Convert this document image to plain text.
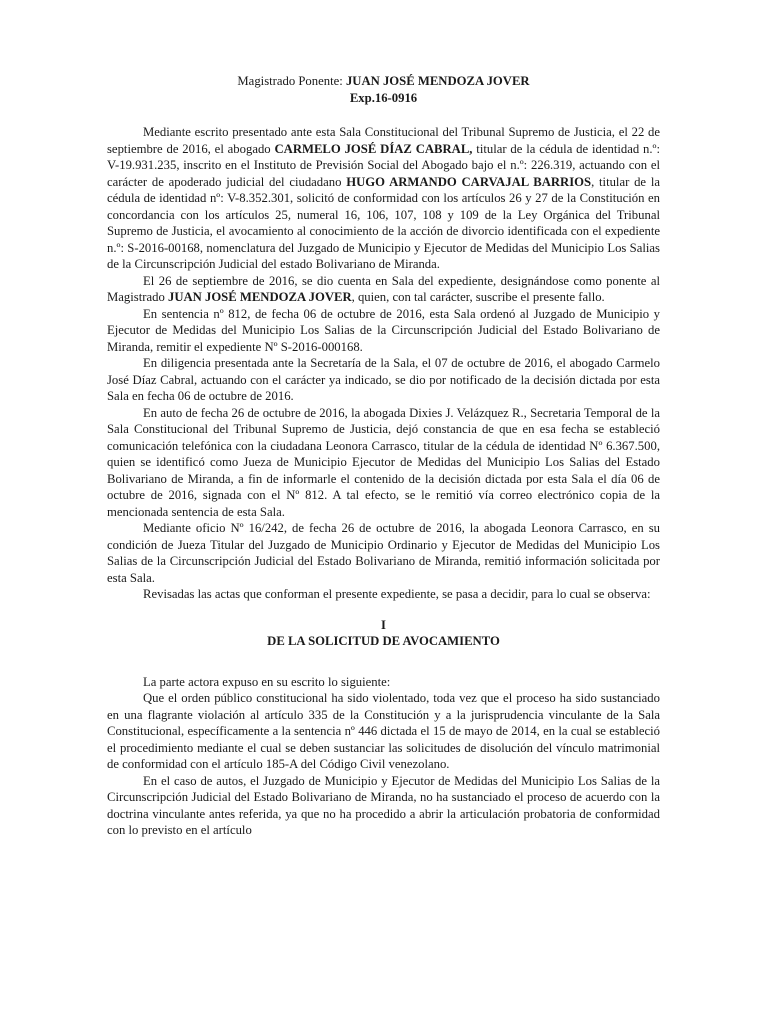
Magistrado Ponente: JUAN JOSÉ MENDOZA JOVER
Exp.16-0916

Mediante escrito presentado ante esta Sala Constitucional del Tribunal Supremo de Justicia, el 22 de septiembre de 2016, el abogado CARMELO JOSÉ DÍAZ CABRAL, titular de la cédula de identidad n.º: V-19.931.235, inscrito en el Instituto de Previsión Social del Abogado bajo el n.º: 226.319, actuando con el carácter de apoderado judicial del ciudadano HUGO ARMANDO CARVAJAL BARRIOS, titular de la cédula de identidad nº: V-8.352.301, solicitó de conformidad con los artículos 26 y 27 de la Constitución en concordancia con los artículos 25, numeral 16, 106, 107, 108 y 109 de la Ley Orgánica del Tribunal Supremo de Justicia, el avocamiento al conocimiento de la acción de divorcio identificada con el expediente n.º: S-2016-00168, nomenclatura del Juzgado de Municipio y Ejecutor de Medidas del Municipio Los Salias de la Circunscripción Judicial del estado Bolivariano de Miranda.

El 26 de septiembre de 2016, se dio cuenta en Sala del expediente, designándose como ponente al Magistrado JUAN JOSÉ MENDOZA JOVER, quien, con tal carácter, suscribe el presente fallo.

En sentencia nº 812, de fecha 06 de octubre de 2016, esta Sala ordenó al Juzgado de Municipio y Ejecutor de Medidas del Municipio Los Salias de la Circunscripción Judicial del Estado Bolivariano de Miranda, remitir el expediente Nº S-2016-000168.

En diligencia presentada ante la Secretaría de la Sala, el 07 de octubre de 2016, el abogado Carmelo José Díaz Cabral, actuando con el carácter ya indicado, se dio por notificado de la decisión dictada por esta Sala en fecha 06 de octubre de 2016.

En auto de fecha 26 de octubre de 2016, la abogada Dixies J. Velázquez R., Secretaria Temporal de la Sala Constitucional del Tribunal Supremo de Justicia, dejó constancia de que en esa fecha se estableció comunicación telefónica con la ciudadana Leonora Carrasco, titular de la cédula de identidad Nº 6.367.500, quien se identificó como Jueza de Municipio Ejecutor de Medidas del Municipio Los Salias del Estado Bolivariano de Miranda, a fin de informarle el contenido de la decisión dictada por esta Sala el día 06 de octubre de 2016, signada con el Nº 812. A tal efecto, se le remitió vía correo electrónico copia de la mencionada sentencia de esta Sala.

Mediante oficio Nº 16/242, de fecha 26 de octubre de 2016, la abogada Leonora Carrasco, en su condición de Jueza Titular del Juzgado de Municipio Ordinario y Ejecutor de Medidas del Municipio Los Salias de la Circunscripción Judicial del Estado Bolivariano de Miranda, remitió información solicitada por esta Sala.

Revisadas las actas que conforman el presente expediente, se pasa a decidir, para lo cual se observa:

I
DE LA SOLICITUD DE AVOCAMIENTO

La parte actora expuso en su escrito lo siguiente:

Que el orden público constitucional ha sido violentado, toda vez que el proceso ha sido sustanciado en una flagrante violación al artículo 335 de la Constitución y a la jurisprudencia vinculante de la Sala Constitucional, específicamente a la sentencia nº 446 dictada el 15 de mayo de 2014, en la cual se estableció el procedimiento mediante el cual se deben sustanciar las solicitudes de disolución del vínculo matrimonial de conformidad con el artículo 185-A del Código Civil venezolano.

En el caso de autos, el Juzgado de Municipio y Ejecutor de Medidas del Municipio Los Salias de la Circunscripción Judicial del Estado Bolivariano de Miranda, no ha sustanciado el proceso de acuerdo con la doctrina vinculante antes referida, ya que no ha procedido a abrir la articulación probatoria de conformidad con lo previsto en el artículo
